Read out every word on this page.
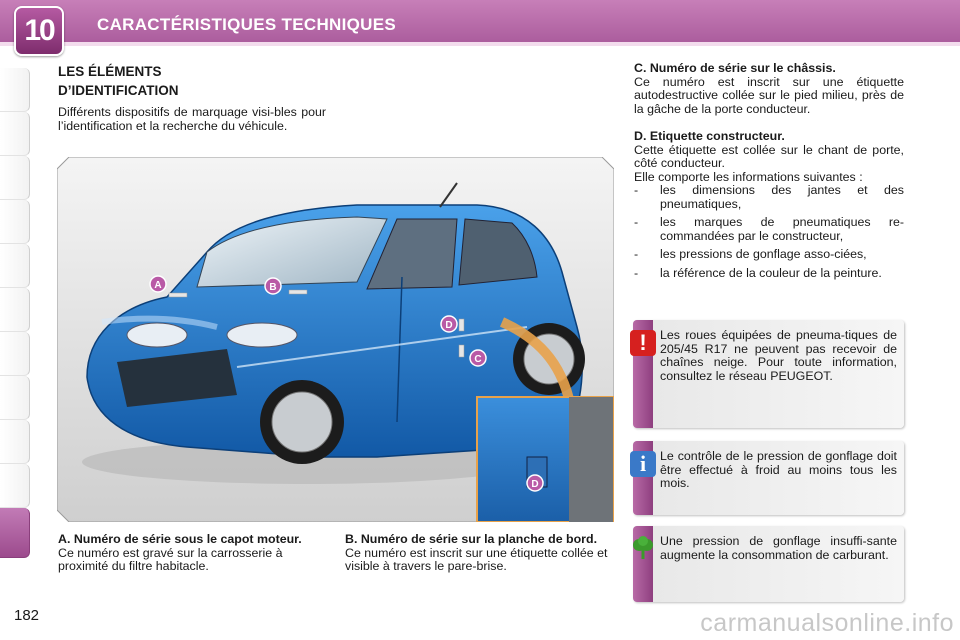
10	CARACTÉRISTIQUES TECHNIQUES
LES ÉLÉMENTS
D’IDENTIFICATION

Différents dispositifs de marquage visi-bles pour l’identification et la recherche du véhicule.

A	B
D
C
D

A. Numéro de série sous le capot moteur.

Ce numéro est gravé sur la carrosserie à proximité du filtre habitacle.

B. Numéro de série sur la planche de bord.

Ce numéro est inscrit sur une étiquette collée et visible à travers le pare-brise.

C. Numéro de série sur le châssis.

Ce numéro est inscrit sur une étiquette autodestructive collée sur le pied milieu, près de la gâche de la porte conducteur.

D. Etiquette constructeur.

Cette étiquette est collée sur le chant de porte, côté conducteur.

Elle comporte les informations suivantes :

- les dimensions des jantes et des pneumatiques,
- les marques de pneumatiques re-commandées par le constructeur,
- les pressions de gonflage asso-ciées,
- la référence de la couleur de la peinture.
!	Les roues équipées de pneuma-tiques de 205/45 R17 ne peuvent pas recevoir de chaînes neige. Pour toute information, consultez le réseau PEUGEOT.

i	Le contrôle de le pression de gonflage doit être effectué à froid au moins tous les mois.

Une pression de gonflage insuffi-sante augmente la consommation de carburant.

182	carmanualsonline.info
